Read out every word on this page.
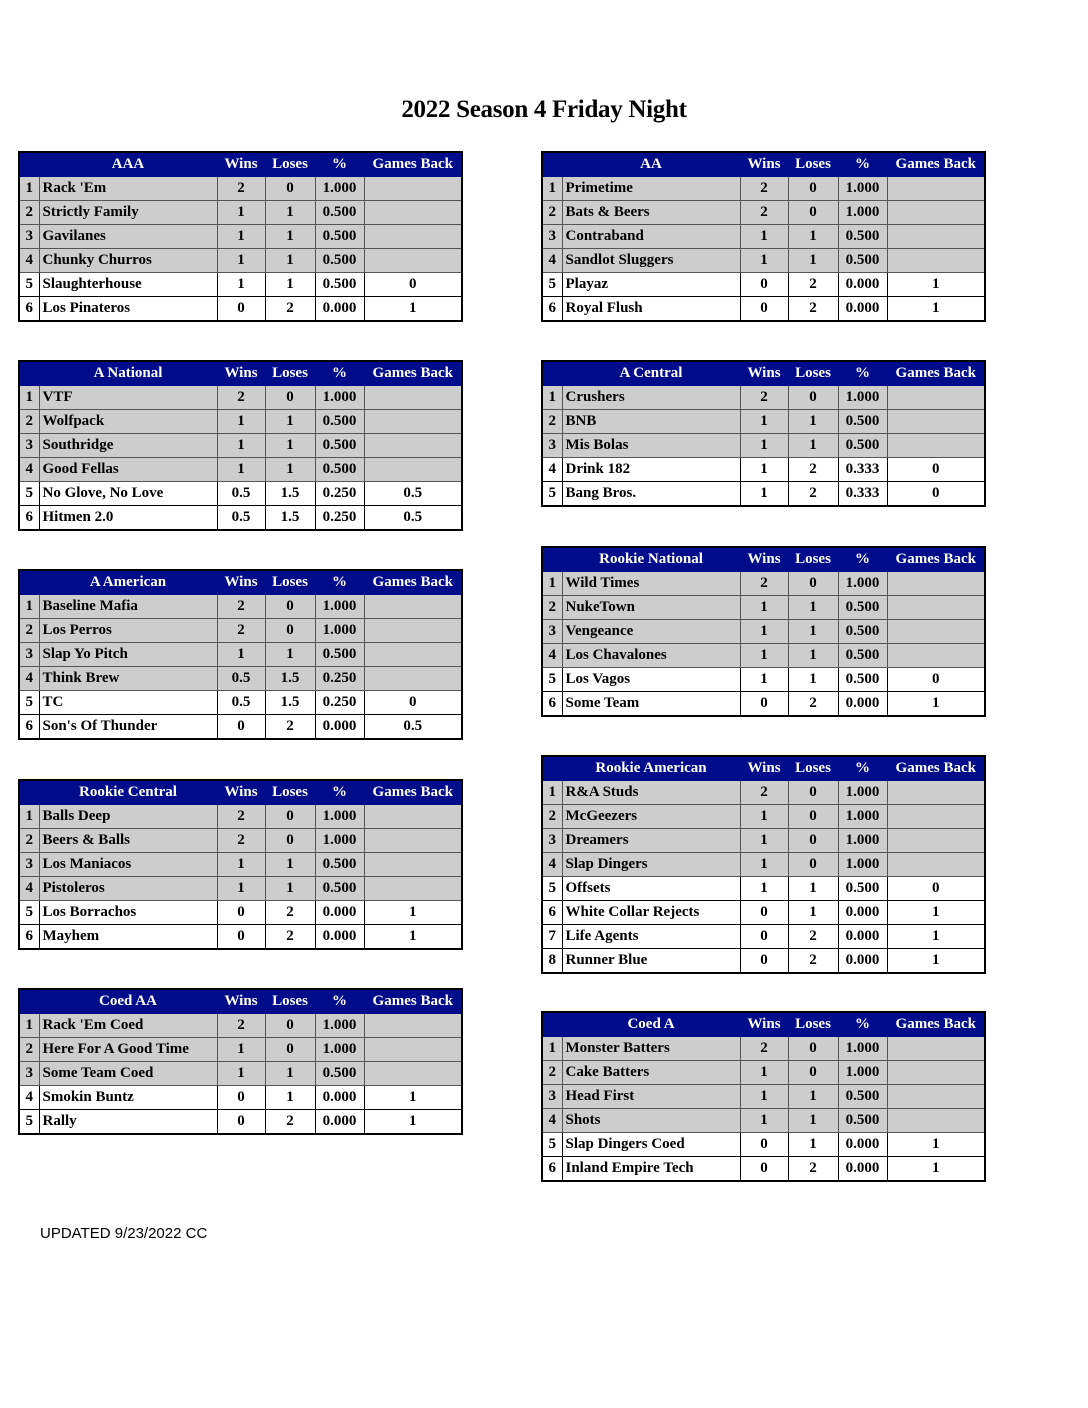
2022 Season 4 Friday Night
	AAA	Wins	Loses	%	Games Back
1	Rack 'Em	2	0	1.000	
2	Strictly Family	1	1	0.500	
3	Gavilanes	1	1	0.500	
4	Chunky Churros	1	1	0.500	
5	Slaughterhouse	1	1	0.500	0
6	Los Pinateros	0	2	0.000	1
	AA	Wins	Loses	%	Games Back
1	Primetime	2	0	1.000	
2	Bats & Beers	2	0	1.000	
3	Contraband	1	1	0.500	
4	Sandlot Sluggers	1	1	0.500	
5	Playaz	0	2	0.000	1
6	Royal Flush	0	2	0.000	1
	A National	Wins	Loses	%	Games Back
1	VTF	2	0	1.000	
2	Wolfpack	1	1	0.500	
3	Southridge	1	1	0.500	
4	Good Fellas	1	1	0.500	
5	No Glove, No Love	0.5	1.5	0.250	0.5
6	Hitmen 2.0	0.5	1.5	0.250	0.5
	A Central	Wins	Loses	%	Games Back
1	Crushers	2	0	1.000	
2	BNB	1	1	0.500	
3	Mis Bolas	1	1	0.500	
4	Drink 182	1	2	0.333	0
5	Bang Bros.	1	2	0.333	0
	A American	Wins	Loses	%	Games Back
1	Baseline Mafia	2	0	1.000	
2	Los Perros	2	0	1.000	
3	Slap Yo Pitch	1	1	0.500	
4	Think Brew	0.5	1.5	0.250	
5	TC	0.5	1.5	0.250	0
6	Son's Of Thunder	0	2	0.000	0.5
	Rookie National	Wins	Loses	%	Games Back
1	Wild Times	2	0	1.000	
2	NukeTown	1	1	0.500	
3	Vengeance	1	1	0.500	
4	Los Chavalones	1	1	0.500	
5	Los Vagos	1	1	0.500	0
6	Some Team	0	2	0.000	1
	Rookie Central	Wins	Loses	%	Games Back
1	Balls Deep	2	0	1.000	
2	Beers & Balls	2	0	1.000	
3	Los Maniacos	1	1	0.500	
4	Pistoleros	1	1	0.500	
5	Los Borrachos	0	2	0.000	1
6	Mayhem	0	2	0.000	1
	Rookie American	Wins	Loses	%	Games Back
1	R&A Studs	2	0	1.000	
2	McGeezers	1	0	1.000	
3	Dreamers	1	0	1.000	
4	Slap Dingers	1	0	1.000	
5	Offsets	1	1	0.500	0
6	White Collar Rejects	0	1	0.000	1
7	Life Agents	0	2	0.000	1
8	Runner Blue	0	2	0.000	1
	Coed AA	Wins	Loses	%	Games Back
1	Rack 'Em Coed	2	0	1.000	
2	Here For A Good Time	1	0	1.000	
3	Some Team Coed	1	1	0.500	
4	Smokin Buntz	0	1	0.000	1
5	Rally	0	2	0.000	1
	Coed A	Wins	Loses	%	Games Back
1	Monster Batters	2	0	1.000	
2	Cake Batters	1	0	1.000	
3	Head First	1	1	0.500	
4	Shots	1	1	0.500	
5	Slap Dingers Coed	0	1	0.000	1
6	Inland Empire Tech	0	2	0.000	1
UPDATED 9/23/2022 CC
